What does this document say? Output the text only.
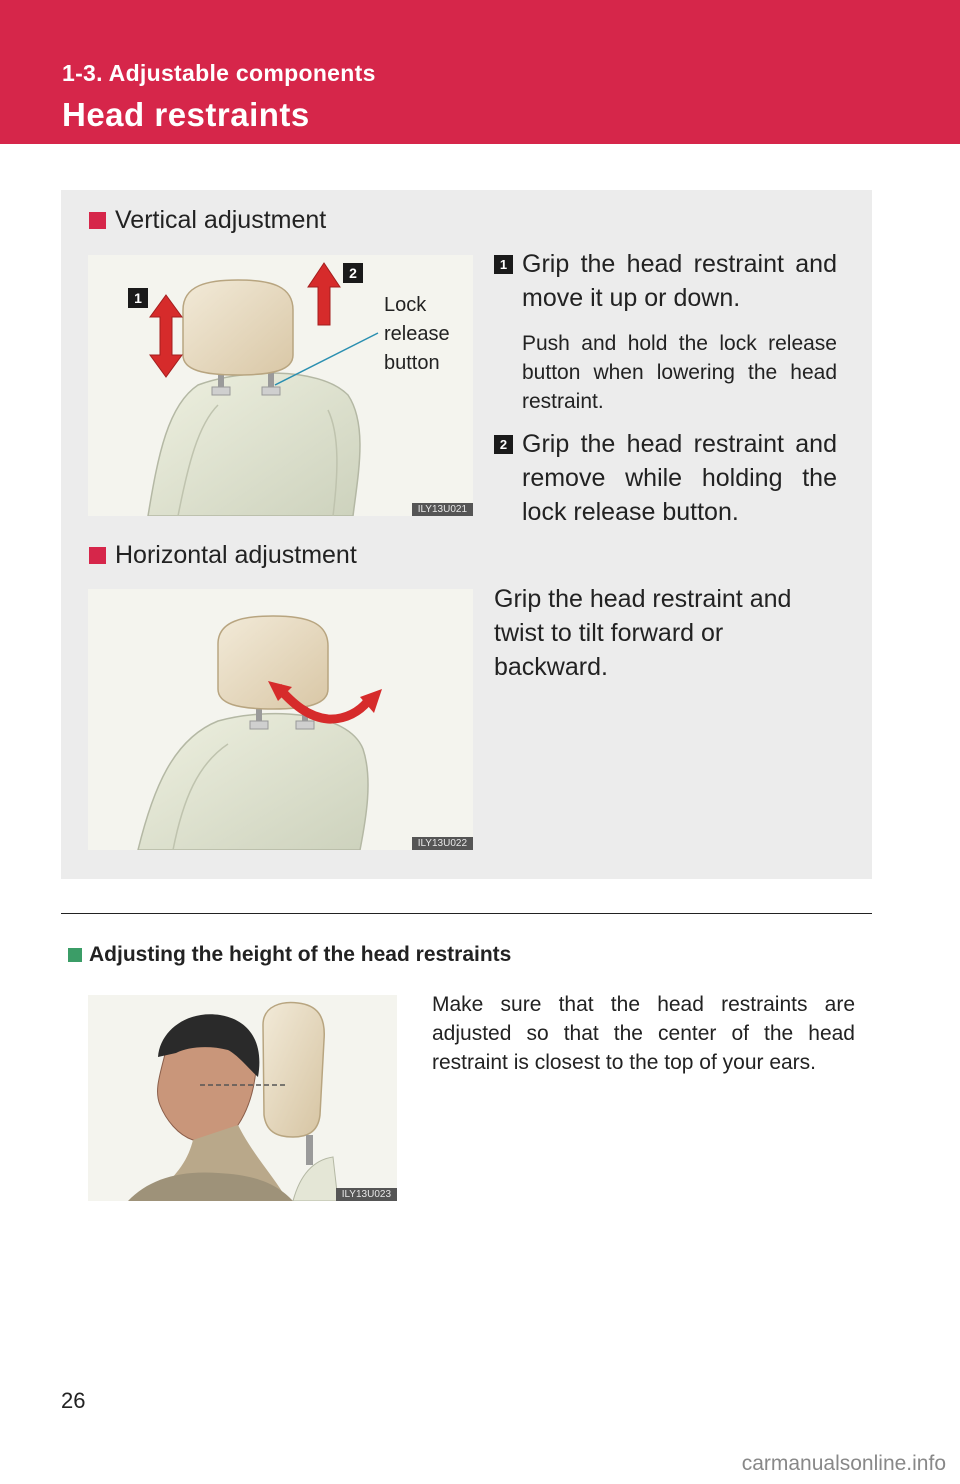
1-3. Adjustable components
Head restraints
Vertical adjustment
1
2
Lock
release
button
ILY13U021
1 Grip the head restraint and move it up or down.
Push and hold the lock release button when lowering the head restraint.
2 Grip the head restraint and remove while holding the lock release button.
Horizontal adjustment
ILY13U022
Grip the head restraint and twist to tilt forward or backward.
Adjusting the height of the head restraints
ILY13U023
Make sure that the head restraints are adjusted so that the center of the head restraint is closest to the top of your ears.
26
carmanualsonline.info
